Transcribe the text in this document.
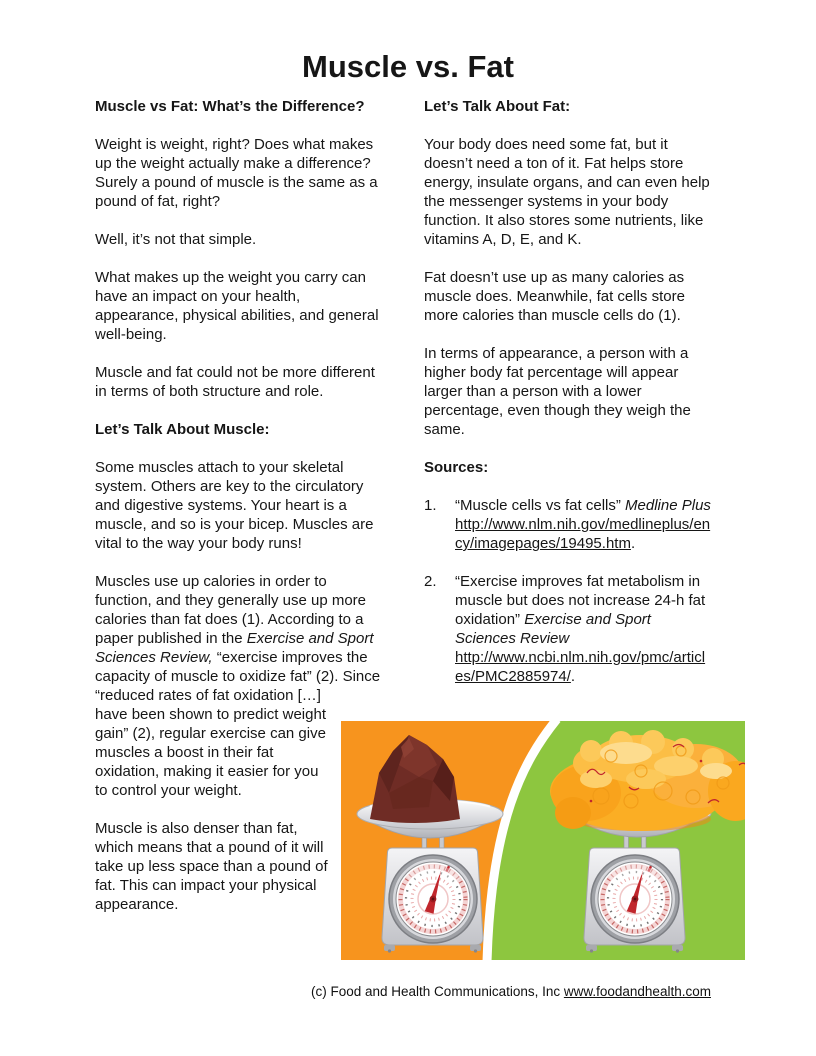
Muscle vs. Fat
Muscle vs Fat: What’s the Difference?

Weight is weight, right? Does what makes up the weight actually make a difference? Surely a pound of muscle is the same as a pound of fat, right?

Well, it’s not that simple.

What makes up the weight you carry can have an impact on your health, appearance, physical abilities, and general well-being.

Muscle and fat could not be more different in terms of both structure and role.

Let’s Talk About Muscle:

Some muscles attach to your skeletal system. Others are key to the circulatory and digestive systems. Your heart is a muscle, and so is your bicep. Muscles are vital to the way your body runs!

Muscles use up calories in order to function, and they generally use up more calories than fat does (1). According to a paper published in the Exercise and Sport Sciences Review, “exercise improves the capacity of muscle to oxidize fat” (2). Since “reduced
rates of fat oxidation […] have been shown to predict weight gain” (2), regular exercise can give muscles a boost in their fat oxidation, making it easier for you to control your weight.

Muscle is also denser than fat, which means that a pound of it will take up less space than a pound of fat. This can impact your physical appearance.

Let’s Talk About Fat:

Your body does need some fat, but it doesn’t need a ton of it. Fat helps store energy, insulate organs, and can even help the messenger systems in your body function. It also stores some nutrients, like vitamins A, D, E, and K.

Fat doesn’t use up as many calories as muscle does. Meanwhile, fat cells store more calories than muscle cells do (1).

In terms of appearance, a person with a higher body fat percentage will appear larger than a person with a lower percentage, even though they weigh the same.

Sources:
1.	“Muscle cells vs fat cells” Medline Plus http://www.nlm.nih.gov/medlineplus/ency/imagepages/19495.htm.
2.	“Exercise improves fat metabolism in muscle but does not increase 24-h fat oxidation” Exercise and Sport Sciences Review http://www.ncbi.nlm.nih.gov/pmc/articles/PMC2885974/.
(c) Food and Health Communications, Inc www.foodandhealth.com
